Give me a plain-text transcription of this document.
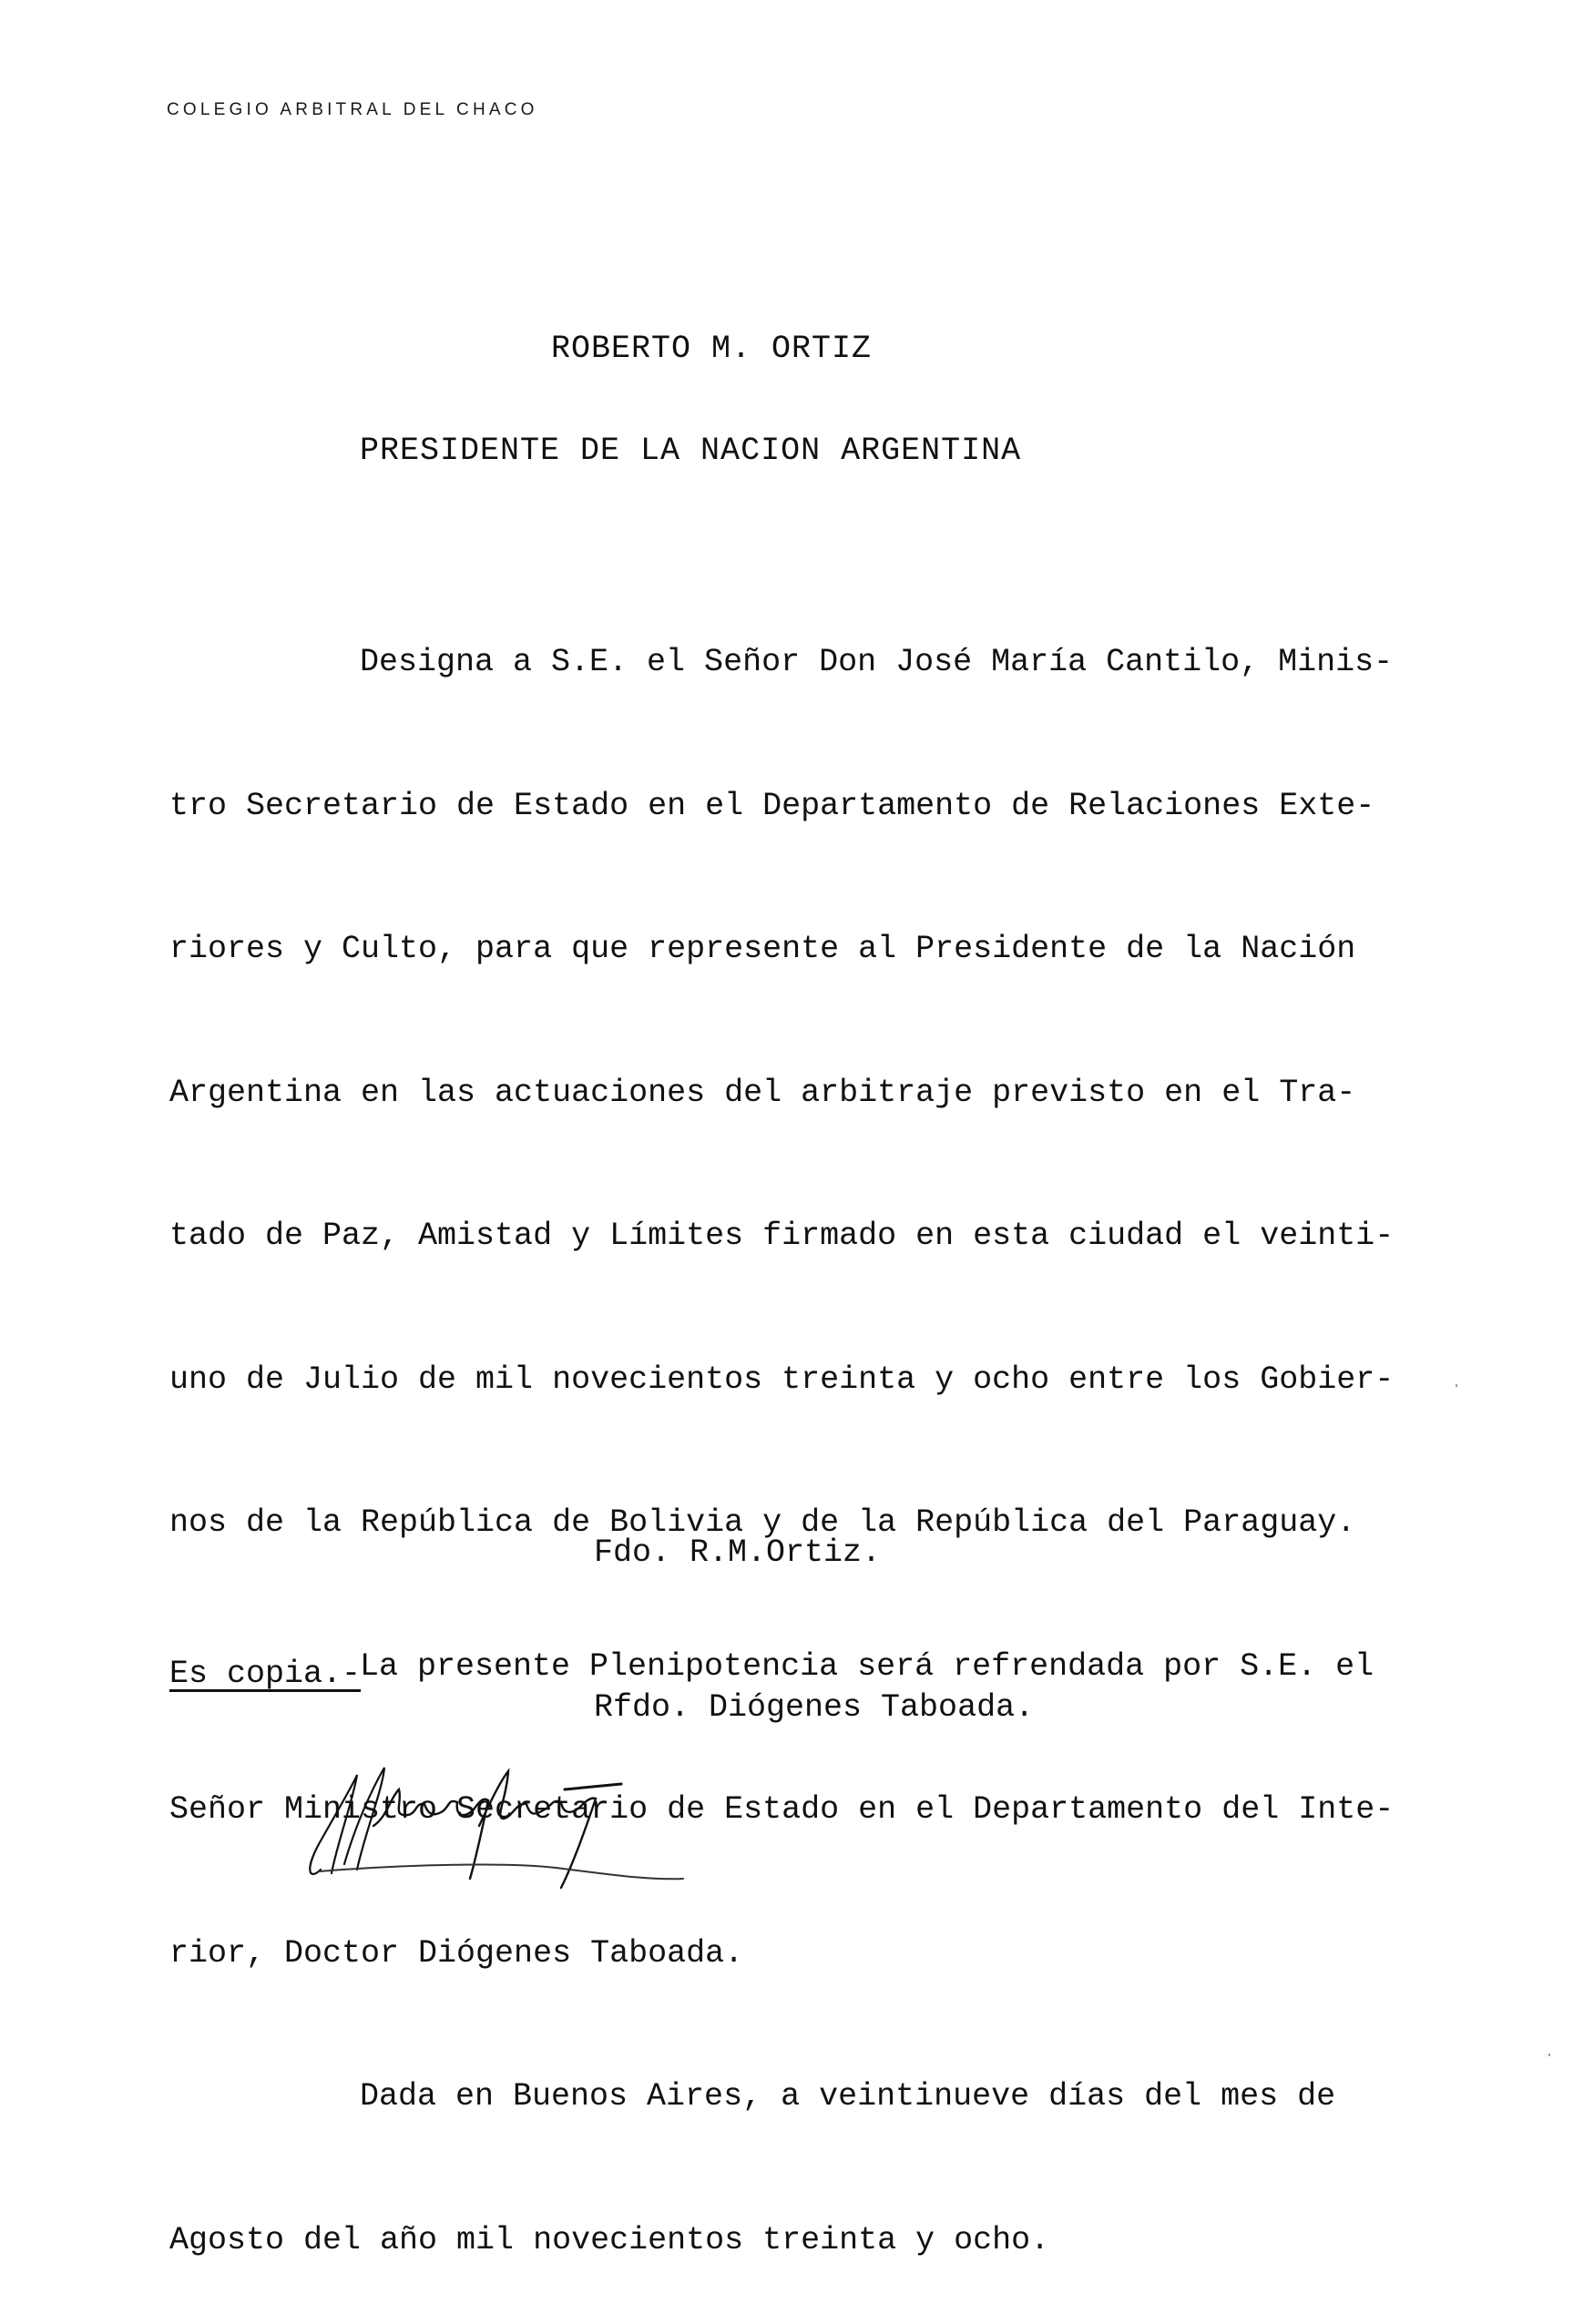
COLEGIO ARBITRAL DEL CHACO
ROBERTO M. ORTIZ
PRESIDENTE DE LA NACION ARGENTINA

Designa a S.E. el Señor Don José María Cantilo, Minis-

tro Secretario de Estado en el Departamento de Relaciones Exte-

riores y Culto, para que represente al Presidente de la Nación

Argentina en las actuaciones del arbitraje previsto en el Tra-

tado de Paz, Amistad y Límites firmado en esta ciudad el veinti-

uno de Julio de mil novecientos treinta y ocho entre los Gobier-

nos de la República de Bolivia y de la República del Paraguay.

La presente Plenipotencia será refrendada por S.E. el

Señor Ministro Secretario de Estado en el Departamento del Inte-

rior, Doctor Diógenes Taboada.

Dada en Buenos Aires, a veintinueve días del mes de

Agosto del año mil novecientos treinta y ocho.

Fdo. R.M.Ortiz.

Rfdo. Diógenes Taboada.

Es copia.-
